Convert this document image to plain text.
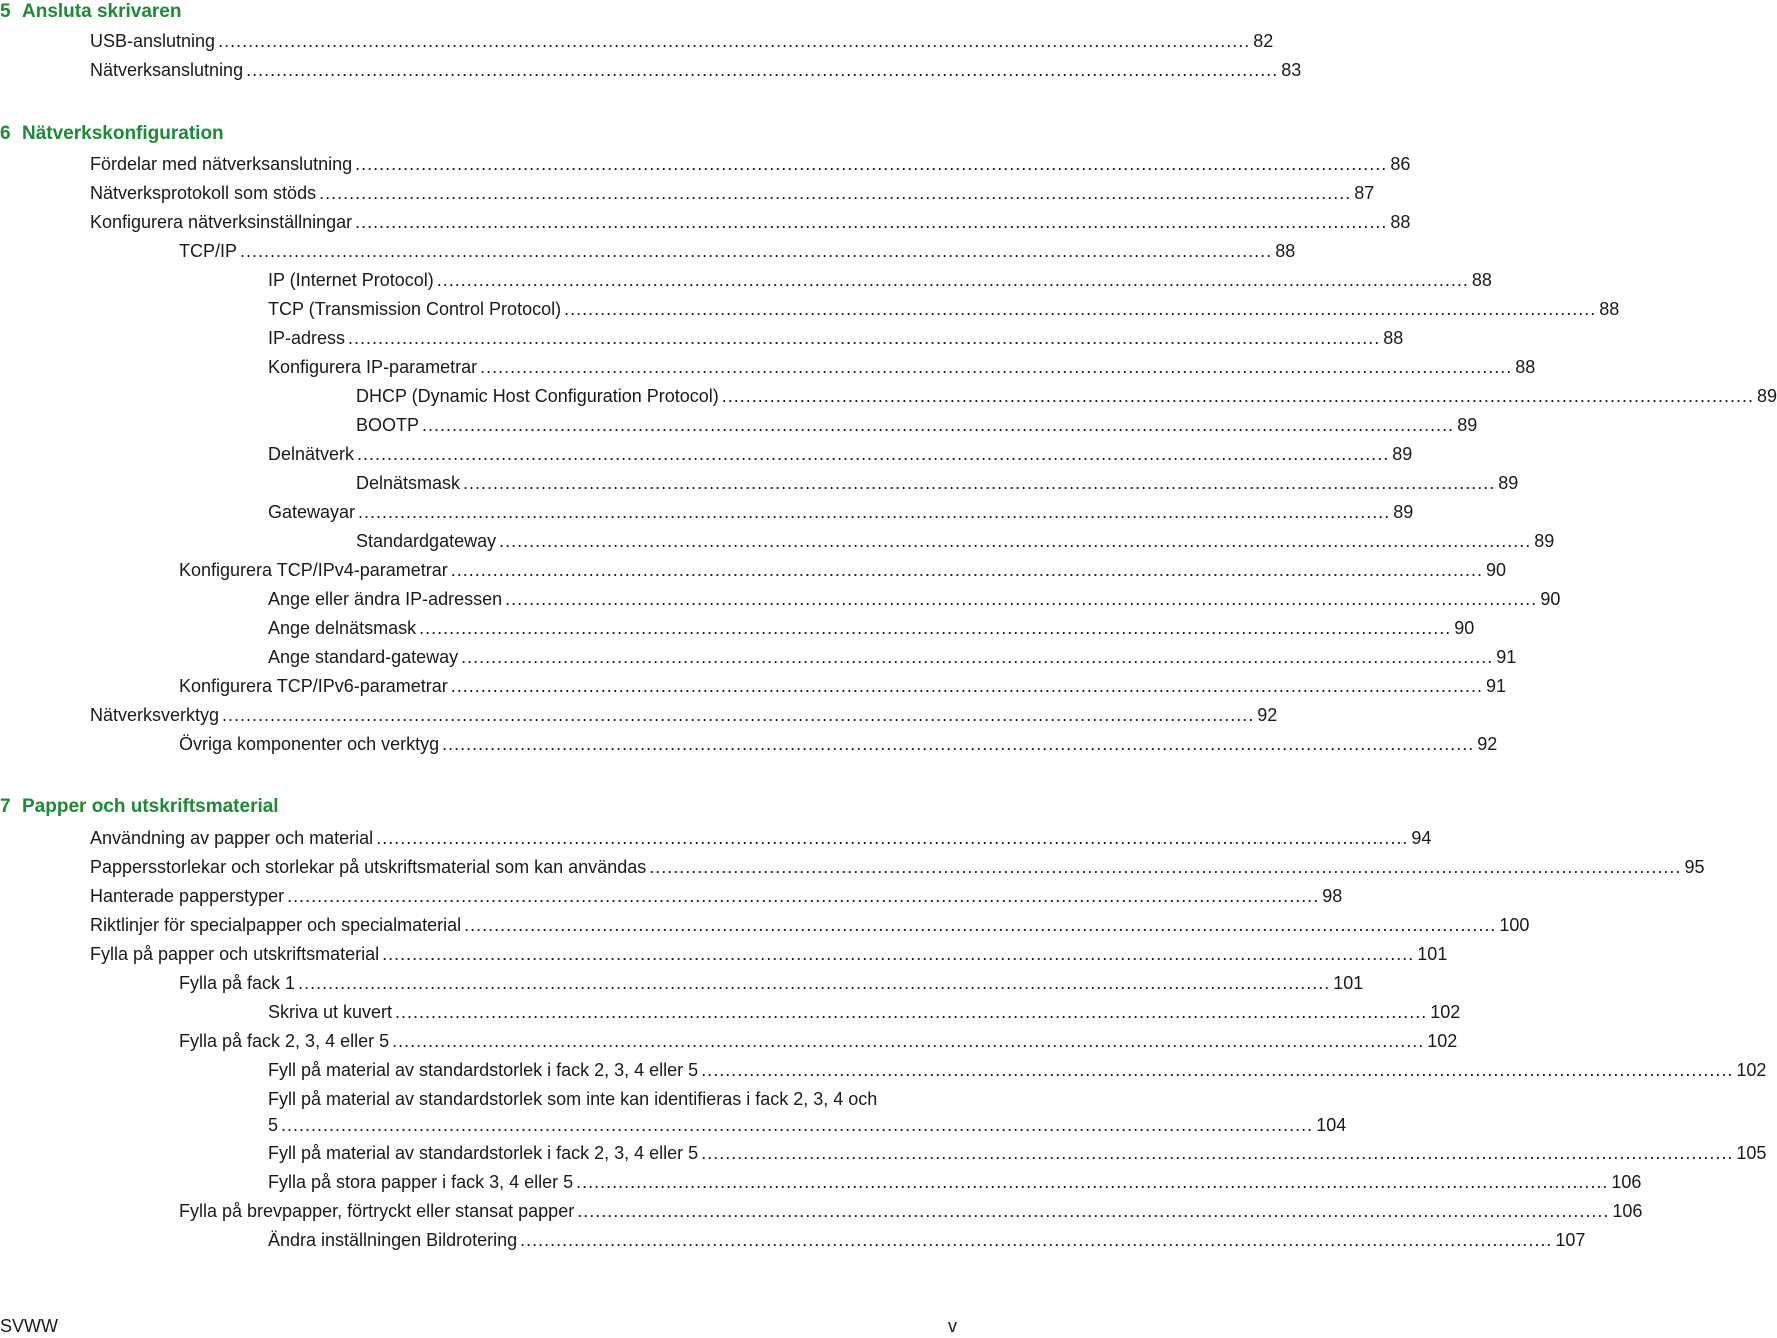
5 Ansluta skrivaren
USB-anslutning ............................................................................................................................................................................ 82
Nätverksanslutning ............................................................................................................................................................................ 83
6 Nätverkskonfiguration
Fördelar med nätverksanslutning ............................................................................................................................................................................ 86
Nätverksprotokoll som stöds ............................................................................................................................................................................ 87
Konfigurera nätverksinställningar ............................................................................................................................................................................ 88
TCP/IP ............................................................................................................................................................................ 88
IP (Internet Protocol) ............................................................................................................................................................................ 88
TCP (Transmission Control Protocol) ............................................................................................................................................................................ 88
IP-adress ............................................................................................................................................................................ 88
Konfigurera IP-parametrar ............................................................................................................................................................................ 88
DHCP (Dynamic Host Configuration Protocol) ............................................................................................................................................................................ 89
BOOTP ............................................................................................................................................................................ 89
Delnätverk ............................................................................................................................................................................ 89
Delnätsmask ............................................................................................................................................................................ 89
Gatewayar ............................................................................................................................................................................ 89
Standardgateway ............................................................................................................................................................................ 89
Konfigurera TCP/IPv4-parametrar ............................................................................................................................................................................ 90
Ange eller ändra IP-adressen ............................................................................................................................................................................ 90
Ange delnätsmask ............................................................................................................................................................................ 90
Ange standard-gateway ............................................................................................................................................................................ 91
Konfigurera TCP/IPv6-parametrar ............................................................................................................................................................................ 91
Nätverksverktyg ............................................................................................................................................................................ 92
Övriga komponenter och verktyg ............................................................................................................................................................................ 92
7 Papper och utskriftsmaterial
Användning av papper och material ............................................................................................................................................................................ 94
Pappersstorlekar och storlekar på utskriftsmaterial som kan användas ............................................................................................................................................................................ 95
Hanterade papperstyper ............................................................................................................................................................................ 98
Riktlinjer för specialpapper och specialmaterial ............................................................................................................................................................................ 100
Fylla på papper och utskriftsmaterial ............................................................................................................................................................................ 101
Fylla på fack 1 ............................................................................................................................................................................ 101
Skriva ut kuvert ............................................................................................................................................................................ 102
Fylla på fack 2, 3, 4 eller 5 ............................................................................................................................................................................ 102
Fyll på material av standardstorlek i fack 2, 3, 4 eller 5 ............................................................................................................................................................................ 102
Fyll på material av standardstorlek som inte kan identifieras i fack 2, 3, 4 och
5 ............................................................................................................................................................................ 104
Fyll på material av standardstorlek i fack 2, 3, 4 eller 5 ............................................................................................................................................................................ 105
Fylla på stora papper i fack 3, 4 eller 5 ............................................................................................................................................................................ 106
Fylla på brevpapper, förtryckt eller stansat papper ............................................................................................................................................................................ 106
Ändra inställningen Bildrotering ............................................................................................................................................................................ 107
SVWW	v
